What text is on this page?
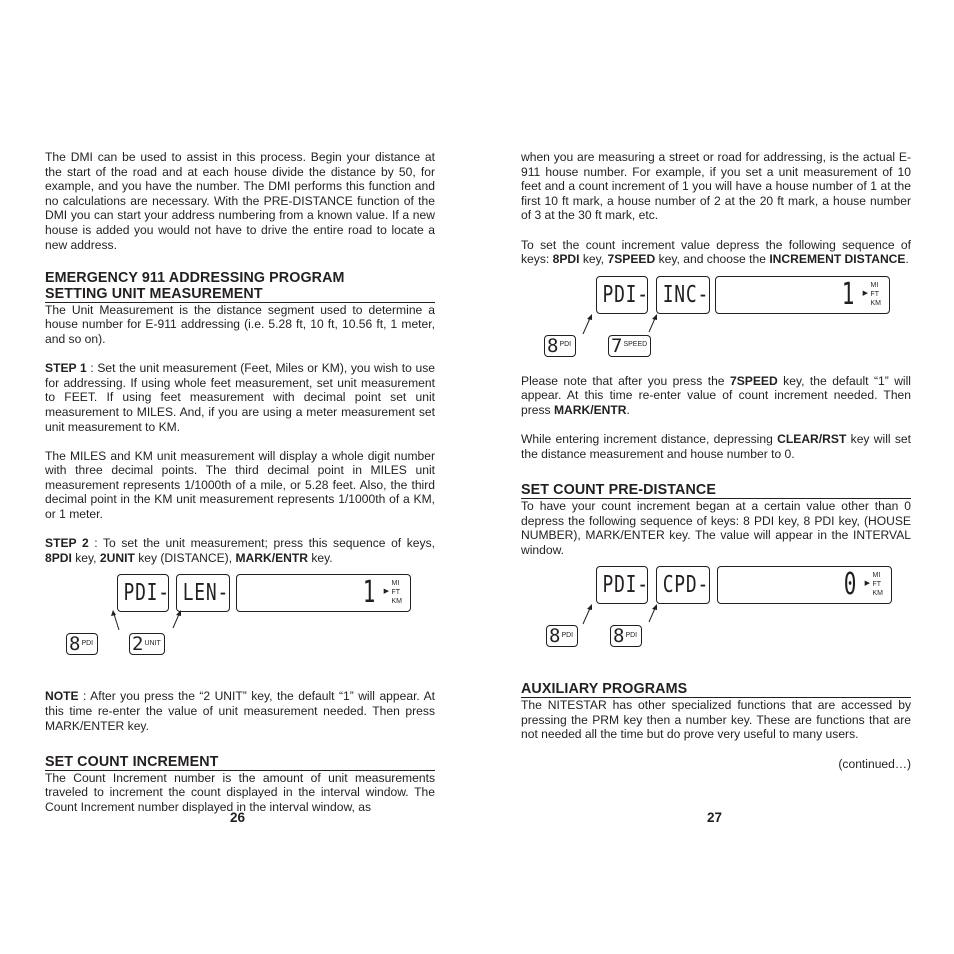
The DMI can be used to assist in this process. Begin your distance at the start of the road and at each house divide the distance by 50, for example, and you have the number. The DMI performs this function and no calculations are necessary. With the PRE-DISTANCE function of the DMI you can start your address numbering from a known value. If a new house is added you would not have to drive the entire road to locate a new address.

EMERGENCY 911 ADDRESSING PROGRAM
SETTING UNIT MEASUREMENT

The Unit Measurement is the distance segment used to determine a house number for E-911 addressing (i.e. 5.28 ft, 10 ft, 10.56 ft, 1 meter, and so on).

STEP 1 : Set the unit measurement (Feet, Miles or KM), you wish to use for addressing. If using whole feet measurement, set unit measurement to FEET. If using feet measurement with decimal point set unit measurement to MILES. And, if you are using a meter measurement set unit measurement to KM.

The MILES and KM unit measurement will display a whole digit number with three decimal points. The third decimal point in MILES unit measurement represents 1/1000th of a mile, or 5.28 feet. Also, the third decimal point in the KM unit measurement represents 1/1000th of a KM, or 1 meter.

STEP 2 : To set the unit measurement; press this sequence of keys, 8PDI key, 2UNIT key (DISTANCE), MARK/ENTR key.

PDI- LEN-	1 ▶
MI
FT
KM
8 PDI 2 UNIT

NOTE : After you press the “2 UNIT” key, the default “1” will appear. At this time re-enter the value of unit measurement needed. Then press MARK/ENTER key.

SET COUNT INCREMENT

The Count Increment number is the amount of unit measurements traveled to increment the count displayed in the interval window. The Count Increment number displayed in the interval window, as

26

when you are measuring a street or road for addressing, is the actual E-911 house number. For example, if you set a unit measurement of 10 feet and a count increment of 1 you will have a house number of 1 at the first 10 ft mark, a house number of 2 at the 20 ft mark, a house number of 3 at the 30 ft mark, etc.

To set the count increment value depress the following sequence of keys: 8PDI key, 7SPEED key, and choose the INCREMENT DISTANCE.

PDI- INC-	1 ▶
MI
FT
KM
8 PDI 7 SPEED

Please note that after you press the 7SPEED key, the default “1” will appear. At this time re-enter value of count increment needed. Then press MARK/ENTR.

While entering increment distance, depressing CLEAR/RST key will set the distance measurement and house number to 0.

SET COUNT PRE-DISTANCE

To have your count increment began at a certain value other than 0 depress the following sequence of keys: 8 PDI key, 8 PDI key, (HOUSE NUMBER), MARK/ENTER key. The value will appear in the INTERVAL window.

PDI- CPD-	0 ▶
MI
FT
KM
8 PDI 8 PDI
AUXILIARY PROGRAMS

The NITESTAR has other specialized functions that are accessed by pressing the PRM key then a number key. These are functions that are not needed all the time but do prove very useful to many users.

(continued…)

27
